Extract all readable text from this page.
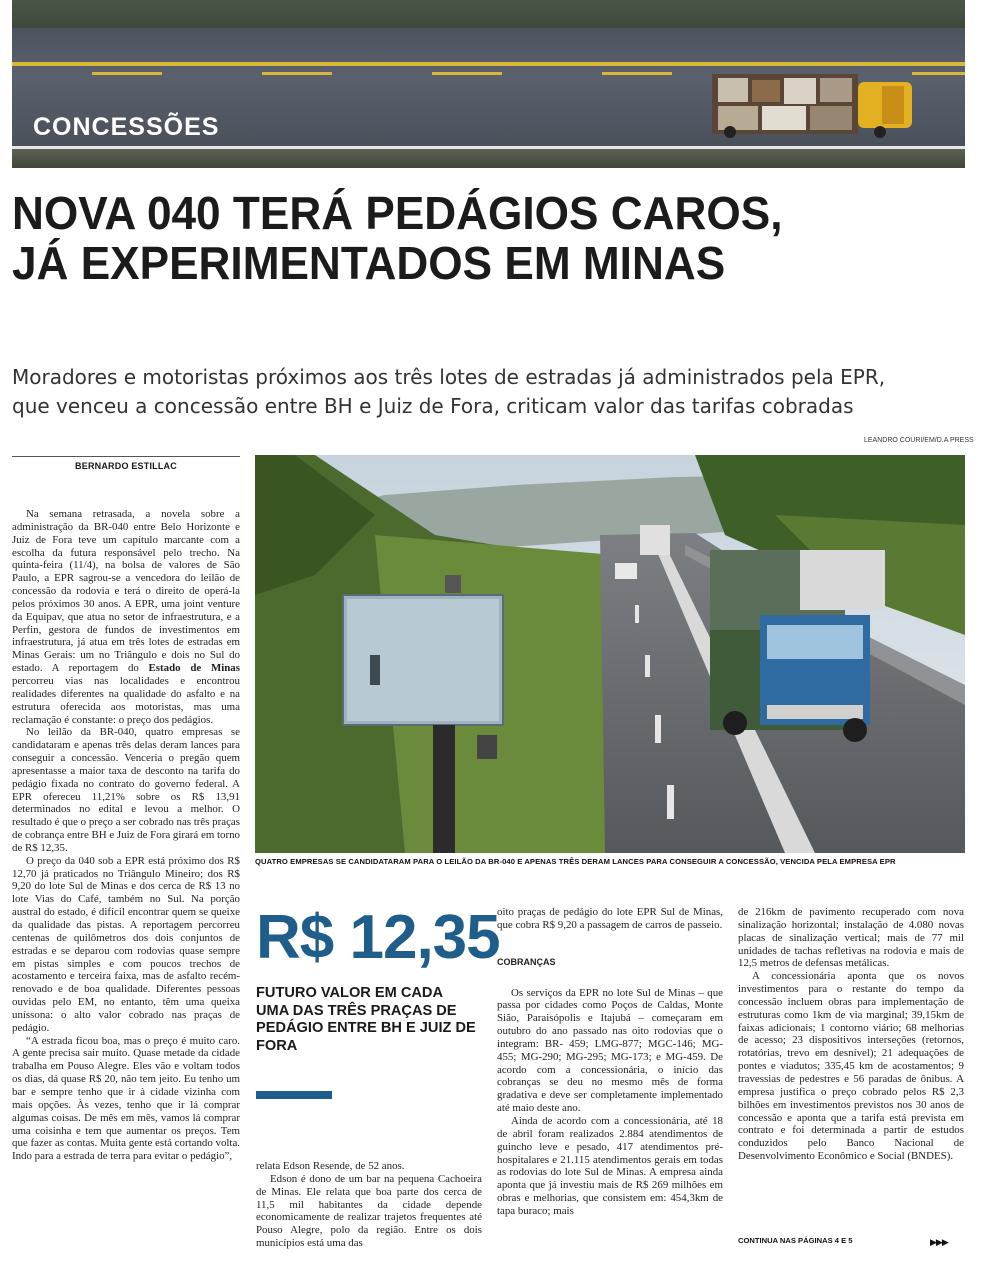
CONCESSÕES
NOVA 040 TERÁ PEDÁGIOS CAROS,
JÁ EXPERIMENTADOS EM MINAS
Moradores e motoristas próximos aos três lotes de estradas já administrados pela EPR,
que venceu a concessão entre BH e Juiz de Fora, criticam valor das tarifas cobradas
LEANDRO COURI/EM/D.A PRESS
BERNARDO ESTILLAC

Na semana retrasada, a novela sobre a administração da BR-040 entre Belo Horizonte e Juiz de Fora teve um capítulo marcante com a escolha da futura responsável pelo trecho. Na quinta-feira (11/4), na bolsa de valores de São Paulo, a EPR sagrou-se a vencedora do leilão de concessão da rodovia e terá o direito de operá-la pelos próximos 30 anos. A EPR, uma joint venture da Equipav, que atua no setor de infraestrutura, e a Perfin, gestora de fundos de investimentos em infraestrutura, já atua em três lotes de estradas em Minas Gerais: um no Triângulo e dois no Sul do estado. A reportagem do Estado de Minas percorreu vias nas localidades e encontrou realidades diferentes na qualidade do asfalto e na estrutura oferecida aos motoristas, mas uma reclamação é constante: o preço dos pedágios.

No leilão da BR-040, quatro empresas se candidataram e apenas três delas deram lances para conseguir a concessão. Venceria o pregão quem apresentasse a maior taxa de desconto na tarifa do pedágio fixada no contrato do governo federal. A EPR ofereceu 11,21% sobre os R$ 13,91 determinados no edital e levou a melhor. O resultado é que o preço a ser cobrado nas três praças de cobrança entre BH e Juiz de Fora girará em torno de R$ 12,35.

O preço da 040 sob a EPR está próximo dos R$ 12,70 já praticados no Triângulo Mineiro; dos R$ 9,20 do lote Sul de Minas e dos cerca de R$ 13 no lote Vias do Café, também no Sul. Na porção austral do estado, é difícil encontrar quem se queixe da qualidade das pistas. A reportagem percorreu centenas de quilômetros dos dois conjuntos de estradas e se deparou com rodovias quase sempre em pistas simples e com poucos trechos de acostamento e terceira faixa, mas de asfalto recém-renovado e de boa qualidade. Diferentes pessoas ouvidas pelo EM, no entanto, têm uma queixa uníssona: o alto valor cobrado nas praças de pedágio.

“A estrada ficou boa, mas o preço é muito caro. A gente precisa sair muito. Quase metade da cidade trabalha em Pouso Alegre. Eles vão e voltam todos os dias, dá quase R$ 20, não tem jeito. Eu tenho um bar e sempre tenho que ir à cidade vizinha com mais opções. Às vezes, tenho que ir lá comprar algumas coisas. De mês em mês, vamos lá comprar uma coisinha e tem que aumentar os preços. Tem que fazer as contas. Muita gente está cortando volta. Indo para a estrada de terra para evitar o pedágio”,

QUATRO EMPRESAS SE CANDIDATARAM PARA O LEILÃO DA BR-040 E APENAS TRÊS DERAM LANCES PARA CONSEGUIR A CONCESSÃO, VENCIDA PELA EMPRESA EPR
R$ 12,35
FUTURO VALOR EM CADA UMA DAS TRÊS PRAÇAS DE PEDÁGIO ENTRE BH E JUIZ DE FORA

relata Edson Resende, de 52 anos.

Edson é dono de um bar na pequena Cachoeira de Minas. Ele relata que boa parte dos cerca de 11,5 mil habitantes da cidade depende economicamente de realizar trajetos frequentes até Pouso Alegre, polo da região. Entre os dois municípios está uma das

oito praças de pedágio do lote EPR Sul de Minas, que cobra R$ 9,20 a passagem de carros de passeio.

COBRANÇAS

Os serviços da EPR no lote Sul de Minas – que passa por cidades como Poços de Caldas, Monte Sião, Paraisópolis e Itajubá – começaram em outubro do ano passado nas oito rodovias que o integram: BR- 459; LMG-877; MGC-146; MG-455; MG-290; MG-295; MG-173; e MG-459. De acordo com a concessionária, o início das cobranças se deu no mesmo mês de forma gradativa e deve ser completamente implementado até maio deste ano.

Ainda de acordo com a concessionária, até 18 de abril foram realizados 2.884 atendimentos de guincho leve e pesado, 417 atendimentos pré-hospitalares e 21.115 atendimentos gerais em todas as rodovias do lote Sul de Minas. A empresa ainda aponta que já investiu mais de R$ 269 milhões em obras e melhorias, que consistem em: 454,3km de tapa buraco; mais

de 216km de pavimento recuperado com nova sinalização horizontal; instalação de 4.080 novas placas de sinalização vertical; mais de 77 mil unidades de tachas refletivas na rodovia e mais de 12,5 metros de defensas metálicas.

A concessionária aponta que os novos investimentos para o restante do tempo da concessão incluem obras para implementação de estruturas como 1km de via marginal; 39,15km de faixas adicionais; 1 contorno viário; 68 melhorias de acesso; 23 dispositivos interseções (retornos, rotatórias, trevo em desnível); 21 adequações de pontes e viadutos; 335,45 km de acostamentos; 9 travessias de pedestres e 56 paradas de ônibus. A empresa justifica o preço cobrado pelos R$ 2,3 bilhões em investimentos previstos nos 30 anos de concessão e aponta que a tarifa está prevista em contrato e foi determinada a partir de estudos conduzidos pelo Banco Nacional de Desenvolvimento Econômico e Social (BNDES).

CONTINUA NAS PÁGINAS 4 E 5	▶▶▶
